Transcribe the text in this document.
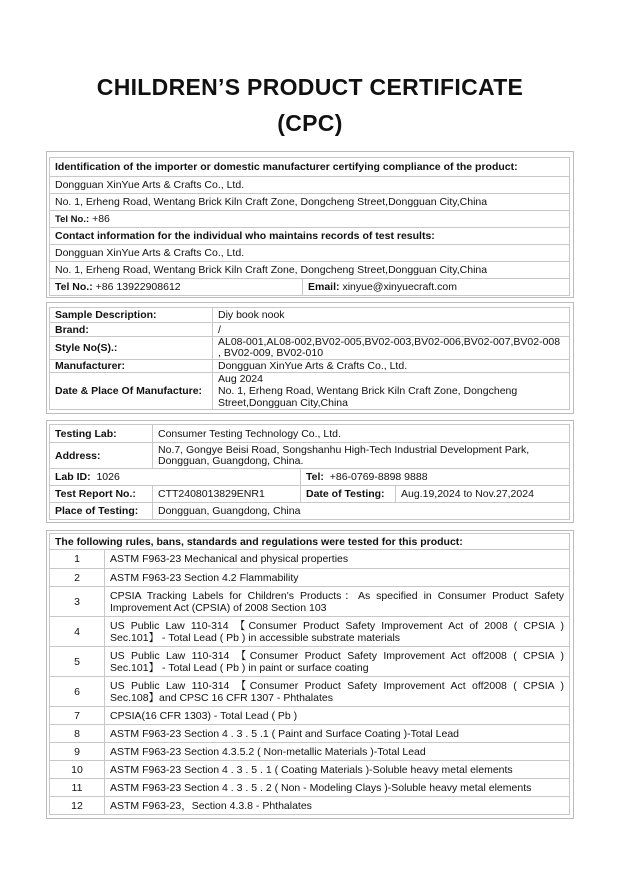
CHILDREN’S PRODUCT CERTIFICATE
(CPC)
Identification of the importer or domestic manufacturer certifying compliance of the product:
Dongguan XinYue Arts & Crafts Co., Ltd.
No. 1, Erheng Road, Wentang Brick Kiln Craft Zone, Dongcheng Street,Dongguan City,China
Tel No.: +86
Contact information for the individual who maintains records of test results:
Dongguan XinYue Arts & Crafts Co., Ltd.
No. 1, Erheng Road, Wentang Brick Kiln Craft Zone, Dongcheng Street,Dongguan City,China
Tel No.: +86 13922908612	Email: xinyue@xinyuecraft.com
Sample Description:	Diy book nook
Brand:	/
Style No(S).:	AL08-001,AL08-002,BV02-005,BV02-003,BV02-006,BV02-007,BV02-008 , BV02-009, BV02-010
Manufacturer:	Dongguan XinYue Arts & Crafts Co., Ltd.
Date & Place Of Manufacture:	
Aug 2024
No. 1, Erheng Road, Wentang Brick Kiln Craft Zone, Dongcheng Street,Dongguan City,China
Testing Lab:	Consumer Testing Technology Co., Ltd.
Address:	No.7, Gongye Beisi Road, Songshanhu High-Tech Industrial Development Park, Dongguan, Guangdong, China.
Lab ID: 1026	Tel: +86-0769-8898 9888
Test Report No.:	CTT2408013829ENR1	Date of Testing:	Aug.19,2024 to Nov.27,2024
Place of Testing:	Dongguan, Guangdong, China
The following rules, bans, standards and regulations were tested for this product:
1	ASTM F963-23 Mechanical and physical properties
2	ASTM F963-23 Section 4.2 Flammability
3	CPSIA Tracking Labels for Children's Products：As specified in Consumer Product Safety Improvement Act (CPSIA) of 2008 Section 103
4	US Public Law 110-314 【Consumer Product Safety Improvement Act of 2008 ( CPSIA ) Sec.101】 - Total Lead ( Pb ) in accessible substrate materials
5	US Public Law 110-314 【Consumer Product Safety Improvement Act off2008 ( CPSIA ) Sec.101】 - Total Lead ( Pb ) in paint or surface coating
6	US Public Law 110-314 【Consumer Product Safety Improvement Act off2008 ( CPSIA ) Sec.108】and CPSC 16 CFR 1307 - Phthalates
7	CPSIA(16 CFR 1303) - Total Lead ( Pb )
8	ASTM F963-23 Section 4 . 3 . 5 .1 ( Paint and Surface Coating )-Total Lead
9	ASTM F963-23 Section 4.3.5.2 ( Non-metallic Materials )-Total Lead
10	ASTM F963-23 Section 4 . 3 . 5 . 1 ( Coating Materials )-Soluble heavy metal elements
11	ASTM F963-23 Section 4 . 3 . 5 . 2 ( Non - Modeling Clays )-Soluble heavy metal elements
12	ASTM F963-23，Section 4.3.8 - Phthalates
